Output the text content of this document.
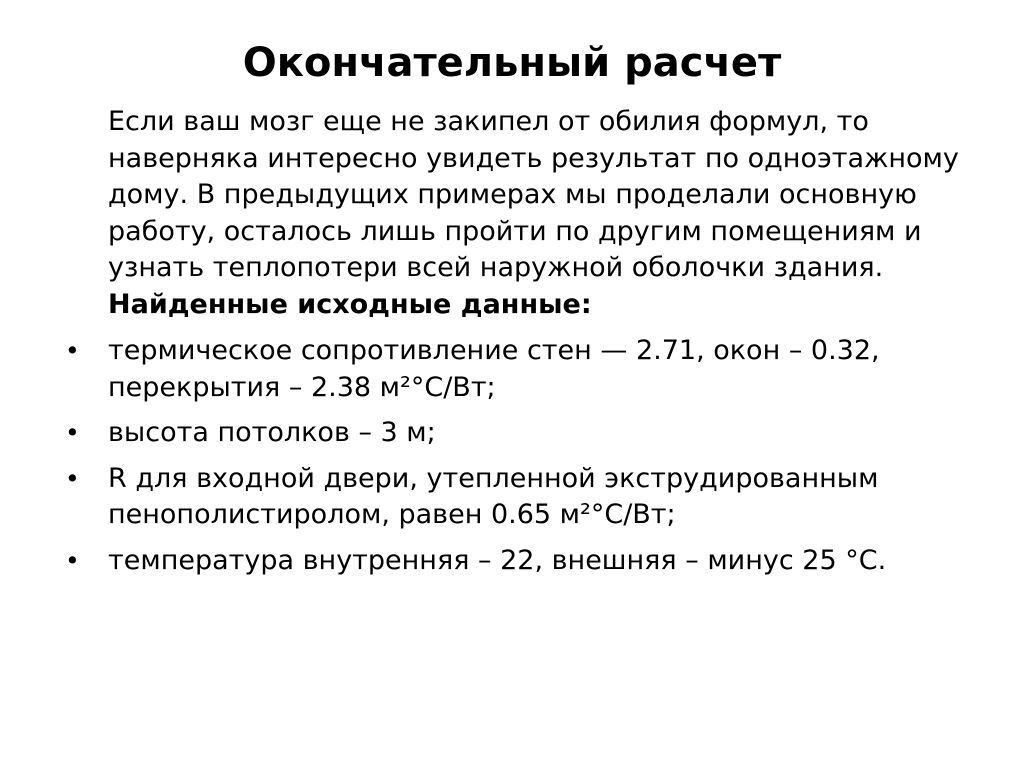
Окончательный расчет

Если ваш мозг еще не закипел от обилия формул, то наверняка интересно увидеть результат по одноэтажному дому. В предыдущих примерах мы проделали основную работу, осталось лишь пройти по другим помещениям и узнать теплопотери всей наружной оболочки здания. Найденные исходные данные:

• термическое сопротивление стен — 2.71, окон – 0.32, перекрытия – 2.38 м²°С/Вт;
• высота потолков – 3 м;
• R для входной двери, утепленной экструдированным пенополистиролом, равен 0.65 м²°С/Вт;
• температура внутренняя – 22, внешняя – минус 25 °С.
